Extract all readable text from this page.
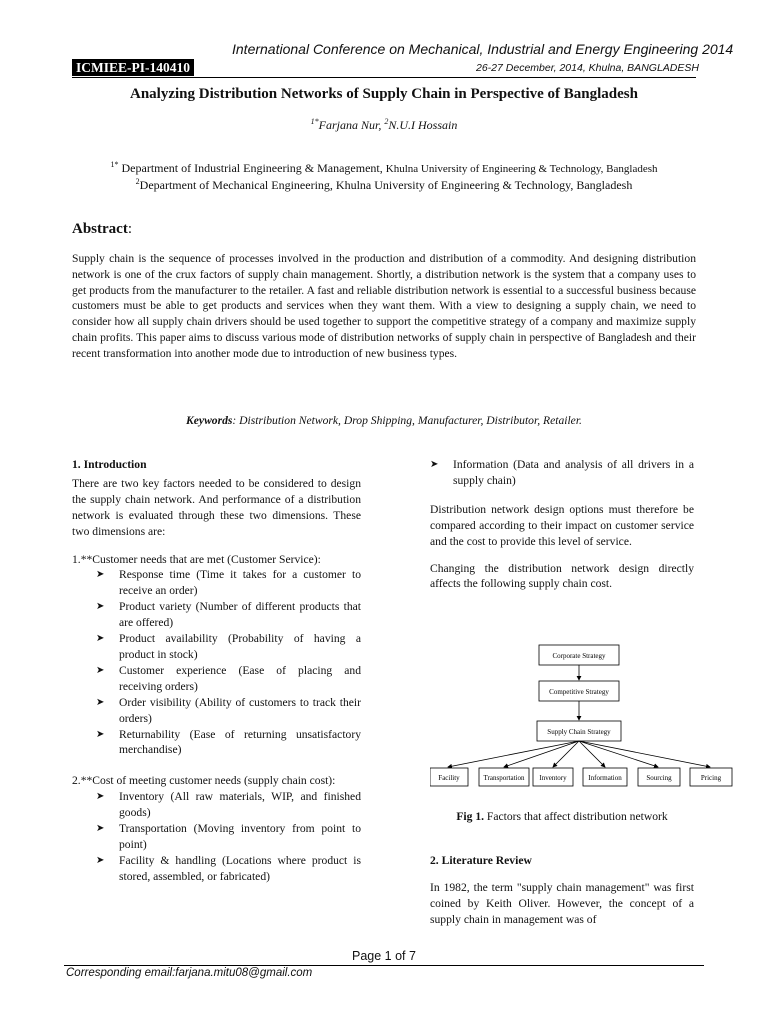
International Conference on Mechanical, Industrial and Energy Engineering 2014
ICMIEE-PI-140410	26-27 December, 2014, Khulna, BANGLADESH
Analyzing Distribution Networks of Supply Chain in Perspective of Bangladesh
$^{1*}$Farjana Nur, $^2$N.U.I Hossain
$^{1*}$ Department of Industrial Engineering & Management, Khulna University of Engineering & Technology, Bangladesh
$^2$Department of Mechanical Engineering, Khulna University of Engineering & Technology, Bangladesh
Abstract:
Supply chain is the sequence of processes involved in the production and distribution of a commodity. And designing distribution network is one of the crux factors of supply chain management. Shortly, a distribution network is the system that a company uses to get products from the manufacturer to the retailer. A fast and reliable distribution network is essential to a successful business because customers must be able to get products and services when they want them. With a view to designing a supply chain, we need to consider how all supply chain drivers should be used together to support the competitive strategy of a company and maximize supply chain profits. This paper aims to discuss various mode of distribution networks of supply chain in perspective of Bangladesh and their recent transformation into another mode due to introduction of new business types.
Keywords: Distribution Network, Drop Shipping, Manufacturer, Distributor, Retailer.

1. Introduction

There are two key factors needed to be considered to design the supply chain network. And performance of a distribution network is evaluated through these two dimensions. These two dimensions are:

1.**Customer needs that are met (Customer Service):

➤ Response time (Time it takes for a customer to receive an order)
➤ Product variety (Number of different products that are offered)
➤ Product availability (Probability of having a product in stock)
➤ Customer experience (Ease of placing and receiving orders)
➤ Order visibility (Ability of customers to track their orders)
➤ Returnability (Ease of returning unsatisfactory merchandise)

2.**Cost of meeting customer needs (supply chain cost):

➤ Inventory (All raw materials, WIP, and finished goods)
➤ Transportation (Moving inventory from point to point)
➤ Facility & handling (Locations where product is stored, assembled, or fabricated)
➤ Information (Data and analysis of all drivers in a supply chain)

Distribution network design options must therefore be compared according to their impact on customer service and the cost to provide this level of service.

Changing the distribution network design directly affects the following supply chain cost.

Corporate Strategy
Competitive Strategy
Supply Chain Strategy
Facility	Transportation Inventory	Information	Sourcing	Pricing
Fig 1. Factors that affect distribution network

2. Literature Review

In 1982, the term "supply chain management" was first coined by Keith Oliver. However, the concept of a supply chain in management was of

Page 1 of 7
Corresponding email:farjana.mitu08@gmail.com
